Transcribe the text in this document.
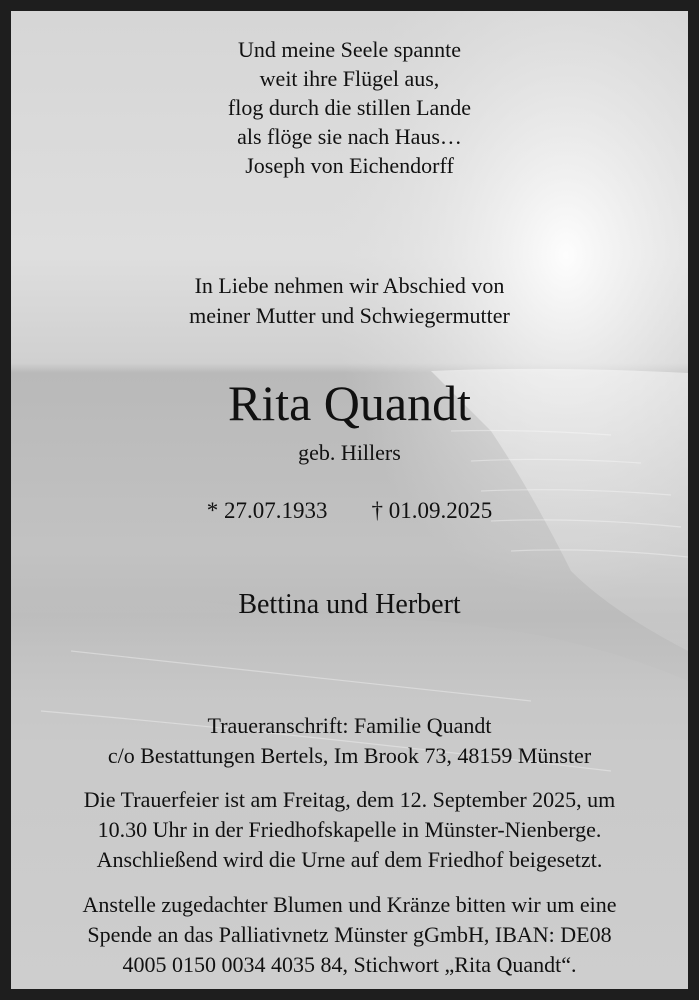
Und meine Seele spannte
weit ihre Flügel aus,
flog durch die stillen Lande
als flöge sie nach Haus…
Joseph von Eichendorff
In Liebe nehmen wir Abschied von
meiner Mutter und Schwiegermutter
Rita Quandt
geb. Hillers
* 27.07.1933 † 01.09.2025
Bettina und Herbert
Traueranschrift: Familie Quandt
c/o Bestattungen Bertels, Im Brook 73, 48159 Münster
Die Trauerfeier ist am Freitag, dem 12. September 2025, um
10.30 Uhr in der Friedhofskapelle in Münster-Nienberge.
Anschließend wird die Urne auf dem Friedhof beigesetzt.
Anstelle zugedachter Blumen und Kränze bitten wir um eine
Spende an das Palliativnetz Münster gGmbH, IBAN: DE08
4005 0150 0034 4035 84, Stichwort „Rita Quandt“.
